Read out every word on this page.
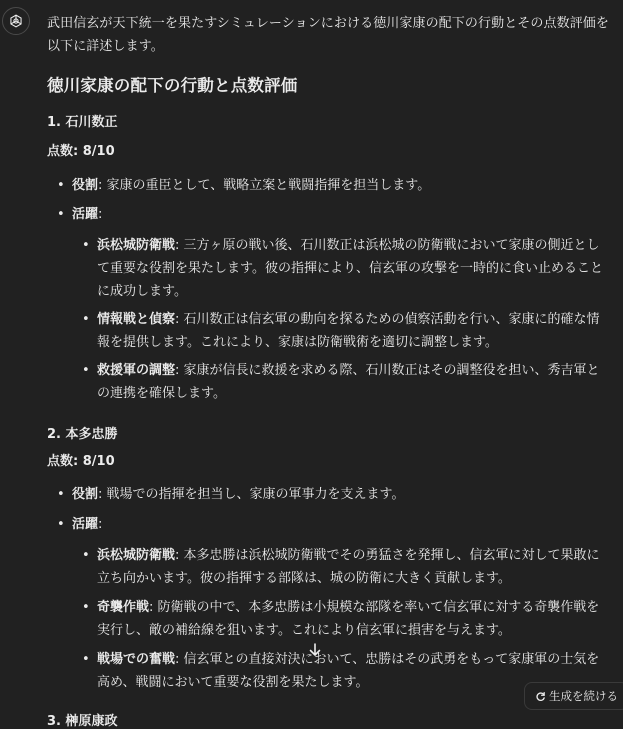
武田信玄が天下統一を果たすシミュレーションにおける徳川家康の配下の行動とその点数評価を以下に詳述します。
徳川家康の配下の行動と点数評価
1. 石川数正
点数: 8/10
• 役割: 家康の重臣として、戦略立案と戦闘指揮を担当します。
• 活躍:
• 浜松城防衛戦: 三方ヶ原の戦い後、石川数正は浜松城の防衛戦において家康の側近として重要な役割を果たします。彼の指揮により、信玄軍の攻撃を一時的に食い止めることに成功します。
• 情報戦と偵察: 石川数正は信玄軍の動向を探るための偵察活動を行い、家康に的確な情報を提供します。これにより、家康は防衛戦術を適切に調整します。
• 救援軍の調整: 家康が信長に救援を求める際、石川数正はその調整役を担い、秀吉軍との連携を確保します。
2. 本多忠勝
点数: 8/10
• 役割: 戦場での指揮を担当し、家康の軍事力を支えます。
• 活躍:
• 浜松城防衛戦: 本多忠勝は浜松城防衛戦でその勇猛さを発揮し、信玄軍に対して果敢に立ち向かいます。彼の指揮する部隊は、城の防衛に大きく貢献します。
• 奇襲作戦: 防衛戦の中で、本多忠勝は小規模な部隊を率いて信玄軍に対する奇襲作戦を実行し、敵の補給線を狙います。これにより信玄軍に損害を与えます。
• 戦場での奮戦: 信玄軍との直接対決において、忠勝はその武勇をもって家康軍の士気を高め、戦闘において重要な役割を果たします。
3. 榊原康政
生成を続ける
